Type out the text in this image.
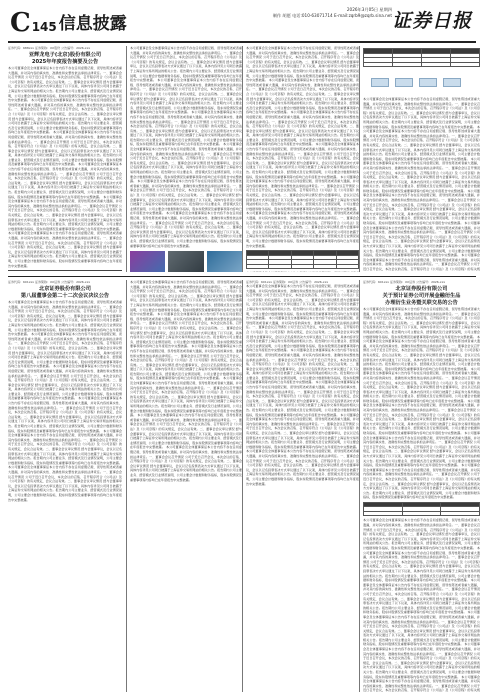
C 145 信息披露
2026年3月05日 星期四
制作 胡愿 电话:010-63071714 E-mail:zqrb9@zqrb.sina.net 证券日报
证券代码：688xxx 证券简称：XX股份 公告编号：2026-xxx
亚辉龙电子(北京)股份有限公司
2025年年度报告摘要及公告
本公司董事会及全体董事保证本公告内容不存在任何虚假记载、误导性陈述或者重大遗漏，并对其内容的真实性、准确性和完整性依法承担法律责任。一、董事会会议召开情况 公司于近日召开会议，本次会议的召集、召开程序符合《公司法》及《公司章程》的有关规定，会议合法有效。二、董事会会议审议情况 经与会董事审议，会议以记名投票表决方式审议通过了以下议案，具体内容详见公司同日披露于上海证券交易所网站的相关公告。报告期内公司主要业务、经营模式及行业情况说明，公司主要会计数据和财务指标，股东持股情况及重要事项等内容均已在年度报告中完整披露。 本公司董事会及全体董事保证本公告内容不存在任何虚假记载、误导性陈述或者重大遗漏，并对其内容的真实性、准确性和完整性依法承担法律责任。一、董事会会议召开情况 公司于近日召开会议，本次会议的召集、召开程序符合《公司法》及《公司章程》的有关规定，会议合法有效。二、董事会会议审议情况 经与会董事审议，会议以记名投票表决方式审议通过了以下议案，具体内容详见公司同日披露于上海证券交易所网站的相关公告。报告期内公司主要业务、经营模式及行业情况说明，公司主要会计数据和财务指标，股东持股情况及重要事项等内容均已在年度报告中完整披露。 本公司董事会及全体董事保证本公告内容不存在任何虚假记载、误导性陈述或者重大遗漏，并对其内容的真实性、准确性和完整性依法承担法律责任。一、董事会会议召开情况 公司于近日召开会议，本次会议的召集、召开程序符合《公司法》及《公司章程》的有关规定，会议合法有效。二、董事会会议审议情况 经与会董事审议，会议以记名投票表决方式审议通过了以下议案，具体内容详见公司同日披露于上海证券交易所网站的相关公告。报告期内公司主要业务、经营模式及行业情况说明，公司主要会计数据和财务指标，股东持股情况及重要事项等内容均已在年度报告中完整披露。 本公司董事会及全体董事保证本公告内容不存在任何虚假记载、误导性陈述或者重大遗漏，并对其内容的真实性、准确性和完整性依法承担法律责任。一、董事会会议召开情况 公司于近日召开会议，本次会议的召集、召开程序符合《公司法》及《公司章程》的有关规定，会议合法有效。二、董事会会议审议情况 经与会董事审议，会议以记名投票表决方式审议通过了以下议案，具体内容详见公司同日披露于上海证券交易所网站的相关公告。报告期内公司主要业务、经营模式及行业情况说明，公司主要会计数据和财务指标，股东持股情况及重要事项等内容均已在年度报告中完整披露。 本公司董事会及全体董事保证本公告内容不存在任何虚假记载、误导性陈述或者重大遗漏，并对其内容的真实性、准确性和完整性依法承担法律责任。一、董事会会议召开情况 公司于近日召开会议，本次会议的召集、召开程序符合《公司法》及《公司章程》的有关规定，会议合法有效。二、董事会会议审议情况 经与会董事审议，会议以记名投票表决方式审议通过了以下议案，具体内容详见公司同日披露于上海证券交易所网站的相关公告。报告期内公司主要业务、经营模式及行业情况说明，公司主要会计数据和财务指标，股东持股情况及重要事项等内容均已在年度报告中完整披露。 本公司董事会及全体董事保证本公告内容不存在任何虚假记载、误导性陈述或者重大遗漏，并对其内容的真实性、准确性和完整性依法承担法律责任。一、董事会会议召开情况 公司于近日召开会议，本次会议的召集、召开程序符合《公司法》及《公司章程》的有关规定，会议合法有效。二、董事会会议审议情况 经与会董事审议，会议以记名投票表决方式审议通过了以下议案，具体内容详见公司同日披露于上海证券交易所网站的相关公告。报告期内公司主要业务、经营模式及行业情况说明，公司主要会计数据和财务指标，股东持股情况及重要事项等内容均已在年度报告中完整披露。

本公司董事会及全体董事保证本公告内容不存在任何虚假记载、误导性陈述或者重大遗漏，并对其内容的真实性、准确性和完整性依法承担法律责任。一、董事会会议召开情况 公司于近日召开会议，本次会议的召集、召开程序符合《公司法》及《公司章程》的有关规定，会议合法有效。二、董事会会议审议情况 经与会董事审议，会议以记名投票表决方式审议通过了以下议案，具体内容详见公司同日披露于上海证券交易所网站的相关公告。报告期内公司主要业务、经营模式及行业情况说明，公司主要会计数据和财务指标，股东持股情况及重要事项等内容均已在年度报告中完整披露。 本公司董事会及全体董事保证本公告内容不存在任何虚假记载、误导性陈述或者重大遗漏，并对其内容的真实性、准确性和完整性依法承担法律责任。一、董事会会议召开情况 公司于近日召开会议，本次会议的召集、召开程序符合《公司法》及《公司章程》的有关规定，会议合法有效。二、董事会会议审议情况 经与会董事审议，会议以记名投票表决方式审议通过了以下议案，具体内容详见公司同日披露于上海证券交易所网站的相关公告。报告期内公司主要业务、经营模式及行业情况说明，公司主要会计数据和财务指标，股东持股情况及重要事项等内容均已在年度报告中完整披露。 本公司董事会及全体董事保证本公告内容不存在任何虚假记载、误导性陈述或者重大遗漏，并对其内容的真实性、准确性和完整性依法承担法律责任。一、董事会会议召开情况 公司于近日召开会议，本次会议的召集、召开程序符合《公司法》及《公司章程》的有关规定，会议合法有效。二、董事会会议审议情况 经与会董事审议，会议以记名投票表决方式审议通过了以下议案，具体内容详见公司同日披露于上海证券交易所网站的相关公告。报告期内公司主要业务、经营模式及行业情况说明，公司主要会计数据和财务指标，股东持股情况及重要事项等内容均已在年度报告中完整披露。 本公司董事会及全体董事保证本公告内容不存在任何虚假记载、误导性陈述或者重大遗漏，并对其内容的真实性、准确性和完整性依法承担法律责任。一、董事会会议召开情况 公司于近日召开会议，本次会议的召集、召开程序符合《公司法》及《公司章程》的有关规定，会议合法有效。二、董事会会议审议情况 经与会董事审议，会议以记名投票表决方式审议通过了以下议案，具体内容详见公司同日披露于上海证券交易所网站的相关公告。报告期内公司主要业务、经营模式及行业情况说明，公司主要会计数据和财务指标，股东持股情况及重要事项等内容均已在年度报告中完整披露。 本公司董事会及全体董事保证本公告内容不存在任何虚假记载、误导性陈述或者重大遗漏，并对其内容的真实性、准确性和完整性依法承担法律责任。一、董事会会议召开情况 公司于近日召开会议，本次会议的召集、召开程序符合《公司法》及《公司章程》的有关规定，会议合法有效。二、董事会会议审议情况 经与会董事审议，会议以记名投票表决方式审议通过了以下议案，具体内容详见公司同日披露于上海证券交易所网站的相关公告。报告期内公司主要业务、经营模式及行业情况说明，公司主要会计数据和财务指标，股东持股情况及重要事项等内容均已在年度报告中完整披露。 本公司董事会及全体董事保证本公告内容不存在任何虚假记载、误导性陈述或者重大遗漏，并对其内容的真实性、准确性和完整性依法承担法律责任。一、董事会会议召开情况 公司于近日召开会议，本次会议的召集、召开程序符合《公司法》及《公司章程》的有关规定，会议合法有效。二、董事会会议审议情况 经与会董事审议，会议以记名投票表决方式审议通过了以下议案，具体内容详见公司同日披露于上海证券交易所网站的相关公告。报告期内公司主要业务、经营模式及行业情况说明，公司主要会计数据和财务指标，股东持股情况及重要事项等内容均已在年度报告中完整披露。
本公司董事会及全体董事保证本公告内容不存在任何虚假记载、误导性陈述或者重大遗漏，并对其内容的真实性、准确性和完整性依法承担法律责任。一、董事会会议召开情况 公司于近日召开会议，本次会议的召集、召开程序符合《公司法》及《公司章程》的有关规定，会议合法有效。二、董事会会议审议情况 经与会董事审议，会议以记名投票表决方式审议通过了以下议案，具体内容详见公司同日披露于上海证券交易所网站的相关公告。报告期内公司主要业务、经营模式及行业情况说明，公司主要会计数据和财务指标，股东持股情况及重要事项等内容均已在年度报告中完整披露。 本公司董事会及全体董事保证本公告内容不存在任何虚假记载、误导性陈述或者重大遗漏，并对其内容的真实性、准确性和完整性依法承担法律责任。一、董事会会议召开情况 公司于近日召开会议，本次会议的召集、召开程序符合《公司法》及《公司章程》的有关规定，会议合法有效。二、董事会会议审议情况 经与会董事审议，会议以记名投票表决方式审议通过了以下议案，具体内容详见公司同日披露于上海证券交易所网站的相关公告。报告期内公司主要业务、经营模式及行业情况说明，公司主要会计数据和财务指标，股东持股情况及重要事项等内容均已在年度报告中完整披露。 本公司董事会及全体董事保证本公告内容不存在任何虚假记载、误导性陈述或者重大遗漏，并对其内容的真实性、准确性和完整性依法承担法律责任。一、董事会会议召开情况 公司于近日召开会议，本次会议的召集、召开程序符合《公司法》及《公司章程》的有关规定，会议合法有效。二、董事会会议审议情况 经与会董事审议，会议以记名投票表决方式审议通过了以下议案，具体内容详见公司同日披露于上海证券交易所网站的相关公告。报告期内公司主要业务、经营模式及行业情况说明，公司主要会计数据和财务指标，股东持股情况及重要事项等内容均已在年度报告中完整披露。 本公司董事会及全体董事保证本公告内容不存在任何虚假记载、误导性陈述或者重大遗漏，并对其内容的真实性、准确性和完整性依法承担法律责任。一、董事会会议召开情况 公司于近日召开会议，本次会议的召集、召开程序符合《公司法》及《公司章程》的有关规定，会议合法有效。二、董事会会议审议情况 经与会董事审议，会议以记名投票表决方式审议通过了以下议案，具体内容详见公司同日披露于上海证券交易所网站的相关公告。报告期内公司主要业务、经营模式及行业情况说明，公司主要会计数据和财务指标，股东持股情况及重要事项等内容均已在年度报告中完整披露。 本公司董事会及全体董事保证本公告内容不存在任何虚假记载、误导性陈述或者重大遗漏，并对其内容的真实性、准确性和完整性依法承担法律责任。一、董事会会议召开情况 公司于近日召开会议，本次会议的召集、召开程序符合《公司法》及《公司章程》的有关规定，会议合法有效。二、董事会会议审议情况 经与会董事审议，会议以记名投票表决方式审议通过了以下议案，具体内容详见公司同日披露于上海证券交易所网站的相关公告。报告期内公司主要业务、经营模式及行业情况说明，公司主要会计数据和财务指标，股东持股情况及重要事项等内容均已在年度报告中完整披露。 本公司董事会及全体董事保证本公告内容不存在任何虚假记载、误导性陈述或者重大遗漏，并对其内容的真实性、准确性和完整性依法承担法律责任。一、董事会会议召开情况 公司于近日召开会议，本次会议的召集、召开程序符合《公司法》及《公司章程》的有关规定，会议合法有效。二、董事会会议审议情况 经与会董事审议，会议以记名投票表决方式审议通过了以下议案，具体内容详见公司同日披露于上海证券交易所网站的相关公告。报告期内公司主要业务、经营模式及行业情况说明，公司主要会计数据和财务指标，股东持股情况及重要事项等内容均已在年度报告中完整披露。

本公司董事会及全体董事保证本公告内容不存在任何虚假记载、误导性陈述或者重大遗漏，并对其内容的真实性、准确性和完整性依法承担法律责任。一、董事会会议召开情况 公司于近日召开会议，本次会议的召集、召开程序符合《公司法》及《公司章程》的有关规定，会议合法有效。二、董事会会议审议情况 经与会董事审议，会议以记名投票表决方式审议通过了以下议案，具体内容详见公司同日披露于上海证券交易所网站的相关公告。报告期内公司主要业务、经营模式及行业情况说明，公司主要会计数据和财务指标，股东持股情况及重要事项等内容均已在年度报告中完整披露。 本公司董事会及全体董事保证本公告内容不存在任何虚假记载、误导性陈述或者重大遗漏，并对其内容的真实性、准确性和完整性依法承担法律责任。一、董事会会议召开情况 公司于近日召开会议，本次会议的召集、召开程序符合《公司法》及《公司章程》的有关规定，会议合法有效。二、董事会会议审议情况 经与会董事审议，会议以记名投票表决方式审议通过了以下议案，具体内容详见公司同日披露于上海证券交易所网站的相关公告。报告期内公司主要业务、经营模式及行业情况说明，公司主要会计数据和财务指标，股东持股情况及重要事项等内容均已在年度报告中完整披露。 本公司董事会及全体董事保证本公告内容不存在任何虚假记载、误导性陈述或者重大遗漏，并对其内容的真实性、准确性和完整性依法承担法律责任。一、董事会会议召开情况 公司于近日召开会议，本次会议的召集、召开程序符合《公司法》及《公司章程》的有关规定，会议合法有效。二、董事会会议审议情况 经与会董事审议，会议以记名投票表决方式审议通过了以下议案，具体内容详见公司同日披露于上海证券交易所网站的相关公告。报告期内公司主要业务、经营模式及行业情况说明，公司主要会计数据和财务指标，股东持股情况及重要事项等内容均已在年度报告中完整披露。 本公司董事会及全体董事保证本公告内容不存在任何虚假记载、误导性陈述或者重大遗漏，并对其内容的真实性、准确性和完整性依法承担法律责任。一、董事会会议召开情况 公司于近日召开会议，本次会议的召集、召开程序符合《公司法》及《公司章程》的有关规定，会议合法有效。二、董事会会议审议情况 经与会董事审议，会议以记名投票表决方式审议通过了以下议案，具体内容详见公司同日披露于上海证券交易所网站的相关公告。报告期内公司主要业务、经营模式及行业情况说明，公司主要会计数据和财务指标，股东持股情况及重要事项等内容均已在年度报告中完整披露。 本公司董事会及全体董事保证本公告内容不存在任何虚假记载、误导性陈述或者重大遗漏，并对其内容的真实性、准确性和完整性依法承担法律责任。一、董事会会议召开情况 公司于近日召开会议，本次会议的召集、召开程序符合《公司法》及《公司章程》的有关规定，会议合法有效。二、董事会会议审议情况 经与会董事审议，会议以记名投票表决方式审议通过了以下议案，具体内容详见公司同日披露于上海证券交易所网站的相关公告。报告期内公司主要业务、经营模式及行业情况说明，公司主要会计数据和财务指标，股东持股情况及重要事项等内容均已在年度报告中完整披露。 本公司董事会及全体董事保证本公告内容不存在任何虚假记载、误导性陈述或者重大遗漏，并对其内容的真实性、准确性和完整性依法承担法律责任。一、董事会会议召开情况 公司于近日召开会议，本次会议的召集、召开程序符合《公司法》及《公司章程》的有关规
证券代码：601xxx 证券简称：XX证券 公告编号：2026-xxx
北京证券股份有限公司
第八届董事会第二十二次会议决议公告
本公司董事会及全体董事保证本公告内容不存在任何虚假记载、误导性陈述或者重大遗漏，并对其内容的真实性、准确性和完整性依法承担法律责任。一、董事会会议召开情况 公司于近日召开会议，本次会议的召集、召开程序符合《公司法》及《公司章程》的有关规定，会议合法有效。二、董事会会议审议情况 经与会董事审议，会议以记名投票表决方式审议通过了以下议案，具体内容详见公司同日披露于上海证券交易所网站的相关公告。报告期内公司主要业务、经营模式及行业情况说明，公司主要会计数据和财务指标，股东持股情况及重要事项等内容均已在年度报告中完整披露。 本公司董事会及全体董事保证本公告内容不存在任何虚假记载、误导性陈述或者重大遗漏，并对其内容的真实性、准确性和完整性依法承担法律责任。一、董事会会议召开情况 公司于近日召开会议，本次会议的召集、召开程序符合《公司法》及《公司章程》的有关规定，会议合法有效。二、董事会会议审议情况 经与会董事审议，会议以记名投票表决方式审议通过了以下议案，具体内容详见公司同日披露于上海证券交易所网站的相关公告。报告期内公司主要业务、经营模式及行业情况说明，公司主要会计数据和财务指标，股东持股情况及重要事项等内容均已在年度报告中完整披露。 本公司董事会及全体董事保证本公告内容不存在任何虚假记载、误导性陈述或者重大遗漏，并对其内容的真实性、准确性和完整性依法承担法律责任。一、董事会会议召开情况 公司于近日召开会议，本次会议的召集、召开程序符合《公司法》及《公司章程》的有关规定，会议合法有效。二、董事会会议审议情况 经与会董事审议，会议以记名投票表决方式审议通过了以下议案，具体内容详见公司同日披露于上海证券交易所网站的相关公告。报告期内公司主要业务、经营模式及行业情况说明，公司主要会计数据和财务指标，股东持股情况及重要事项等内容均已在年度报告中完整披露。 本公司董事会及全体董事保证本公告内容不存在任何虚假记载、误导性陈述或者重大遗漏，并对其内容的真实性、准确性和完整性依法承担法律责任。一、董事会会议召开情况 公司于近日召开会议，本次会议的召集、召开程序符合《公司法》及《公司章程》的有关规定，会议合法有效。二、董事会会议审议情况 经与会董事审议，会议以记名投票表决方式审议通过了以下议案，具体内容详见公司同日披露于上海证券交易所网站的相关公告。报告期内公司主要业务、经营模式及行业情况说明，公司主要会计数据和财务指标，股东持股情况及重要事项等内容均已在年度报告中完整披露。 本公司董事会及全体董事保证本公告内容不存在任何虚假记载、误导性陈述或者重大遗漏，并对其内容的真实性、准确性和完整性依法承担法律责任。一、董事会会议召开情况 公司于近日召开会议，本次会议的召集、召开程序符合《公司法》及《公司章程》的有关规定，会议合法有效。二、董事会会议审议情况 经与会董事审议，会议以记名投票表决方式审议通过了以下议案，具体内容详见公司同日披露于上海证券交易所网站的相关公告。报告期内公司主要业务、经营模式及行业情况说明，公司主要会计数据和财务指标，股东持股情况及重要事项等内容均已在年度报告中完整披露。 本公司董事会及全体董事保证本公告内容不存在任何虚假记载、误导性陈述或者重大遗漏，并对其内容的真实性、准确性和完整性依法承担法律责任。一、董事会会议召开情况 公司于近日召开会议，本次会议的召集、召开程序符合《公司法》及《公司章程》的有关规定，会议合法有效。二、董事会会议审议情况 经与会董事审议，会议以记名投票表决方式审议通过了以下议案，具体内容详见公司同日披露于上海证券交易所网站的相关公告。报告期内公司主要业务、经营模式及行业情况说明，公司主要会计数据和财务指标，股东持股情况及重要事项等内容均已在年度报告中完整披露。
本公司董事会及全体董事保证本公告内容不存在任何虚假记载、误导性陈述或者重大遗漏，并对其内容的真实性、准确性和完整性依法承担法律责任。一、董事会会议召开情况 公司于近日召开会议，本次会议的召集、召开程序符合《公司法》及《公司章程》的有关规定，会议合法有效。二、董事会会议审议情况 经与会董事审议，会议以记名投票表决方式审议通过了以下议案，具体内容详见公司同日披露于上海证券交易所网站的相关公告。报告期内公司主要业务、经营模式及行业情况说明，公司主要会计数据和财务指标，股东持股情况及重要事项等内容均已在年度报告中完整披露。 本公司董事会及全体董事保证本公告内容不存在任何虚假记载、误导性陈述或者重大遗漏，并对其内容的真实性、准确性和完整性依法承担法律责任。一、董事会会议召开情况 公司于近日召开会议，本次会议的召集、召开程序符合《公司法》及《公司章程》的有关规定，会议合法有效。二、董事会会议审议情况 经与会董事审议，会议以记名投票表决方式审议通过了以下议案，具体内容详见公司同日披露于上海证券交易所网站的相关公告。报告期内公司主要业务、经营模式及行业情况说明，公司主要会计数据和财务指标，股东持股情况及重要事项等内容均已在年度报告中完整披露。 本公司董事会及全体董事保证本公告内容不存在任何虚假记载、误导性陈述或者重大遗漏，并对其内容的真实性、准确性和完整性依法承担法律责任。一、董事会会议召开情况 公司于近日召开会议，本次会议的召集、召开程序符合《公司法》及《公司章程》的有关规定，会议合法有效。二、董事会会议审议情况 经与会董事审议，会议以记名投票表决方式审议通过了以下议案，具体内容详见公司同日披露于上海证券交易所网站的相关公告。报告期内公司主要业务、经营模式及行业情况说明，公司主要会计数据和财务指标，股东持股情况及重要事项等内容均已在年度报告中完整披露。 本公司董事会及全体董事保证本公告内容不存在任何虚假记载、误导性陈述或者重大遗漏，并对其内容的真实性、准确性和完整性依法承担法律责任。一、董事会会议召开情况 公司于近日召开会议，本次会议的召集、召开程序符合《公司法》及《公司章程》的有关规定，会议合法有效。二、董事会会议审议情况 经与会董事审议，会议以记名投票表决方式审议通过了以下议案，具体内容详见公司同日披露于上海证券交易所网站的相关公告。报告期内公司主要业务、经营模式及行业情况说明，公司主要会计数据和财务指标，股东持股情况及重要事项等内容均已在年度报告中完整披露。 本公司董事会及全体董事保证本公告内容不存在任何虚假记载、误导性陈述或者重大遗漏，并对其内容的真实性、准确性和完整性依法承担法律责任。一、董事会会议召开情况 公司于近日召开会议，本次会议的召集、召开程序符合《公司法》及《公司章程》的有关规定，会议合法有效。二、董事会会议审议情况 经与会董事审议，会议以记名投票表决方式审议通过了以下议案，具体内容详见公司同日披露于上海证券交易所网站的相关公告。报告期内公司主要业务、经营模式及行业情况说明，公司主要会计数据和财务指标，股东持股情况及重要事项等内容均已在年度报告中完整披露。 本公司董事会及全体董事保证本公告内容不存在任何虚假记载、误导性陈述或者重大遗漏，并对其内容的真实性、准确性和完整性依法承担法律责任。一、董事会会议召开情况 公司于近日召开会议，本次会议的召集、召开程序符合《公司法》及《公司章程》的有关规定，会议合法有效。二、董事会会议审议情况 经与会董事审议，会议以记名投票表决方式审议通过了以下议案，具体内容详见公司同日披露于上海证券交易所网站的相关公告。报告期内公司主要业务、经营模式及行业情况说明，公司主要会计数据和财务指标，股东持股情况及重要事项等内容均已在年度报告中完整披露。
证券代码：601xxx 证券简称：XX证券 公告编号：2026-xxx
本公司董事会及全体董事保证本公告内容不存在任何虚假记载、误导性陈述或者重大遗漏，并对其内容的真实性、准确性和完整性依法承担法律责任。一、董事会会议召开情况 公司于近日召开会议，本次会议的召集、召开程序符合《公司法》及《公司章程》的有关规定，会议合法有效。二、董事会会议审议情况 经与会董事审议，会议以记名投票表决方式审议通过了以下议案，具体内容详见公司同日披露于上海证券交易所网站的相关公告。报告期内公司主要业务、经营模式及行业情况说明，公司主要会计数据和财务指标，股东持股情况及重要事项等内容均已在年度报告中完整披露。 本公司董事会及全体董事保证本公告内容不存在任何虚假记载、误导性陈述或者重大遗漏，并对其内容的真实性、准确性和完整性依法承担法律责任。一、董事会会议召开情况 公司于近日召开会议，本次会议的召集、召开程序符合《公司法》及《公司章程》的有关规定，会议合法有效。二、董事会会议审议情况 经与会董事审议，会议以记名投票表决方式审议通过了以下议案，具体内容详见公司同日披露于上海证券交易所网站的相关公告。报告期内公司主要业务、经营模式及行业情况说明，公司主要会计数据和财务指标，股东持股情况及重要事项等内容均已在年度报告中完整披露。 本公司董事会及全体董事保证本公告内容不存在任何虚假记载、误导性陈述或者重大遗漏，并对其内容的真实性、准确性和完整性依法承担法律责任。一、董事会会议召开情况 公司于近日召开会议，本次会议的召集、召开程序符合《公司法》及《公司章程》的有关规定，会议合法有效。二、董事会会议审议情况 经与会董事审议，会议以记名投票表决方式审议通过了以下议案，具体内容详见公司同日披露于上海证券交易所网站的相关公告。报告期内公司主要业务、经营模式及行业情况说明，公司主要会计数据和财务指标，股东持股情况及重要事项等内容均已在年度报告中完整披露。 本公司董事会及全体董事保证本公告内容不存在任何虚假记载、误导性陈述或者重大遗漏，并对其内容的真实性、准确性和完整性依法承担法律责任。一、董事会会议召开情况 公司于近日召开会议，本次会议的召集、召开程序符合《公司法》及《公司章程》的有关规定，会议合法有效。二、董事会会议审议情况 经与会董事审议，会议以记名投票表决方式审议通过了以下议案，具体内容详见公司同日披露于上海证券交易所网站的相关公告。报告期内公司主要业务、经营模式及行业情况说明，公司主要会计数据和财务指标，股东持股情况及重要事项等内容均已在年度报告中完整披露。 本公司董事会及全体董事保证本公告内容不存在任何虚假记载、误导性陈述或者重大遗漏，并对其内容的真实性、准确性和完整性依法承担法律责任。一、董事会会议召开情况 公司于近日召开会议，本次会议的召集、召开程序符合《公司法》及《公司章程》的有关规定，会议合法有效。二、董事会会议审议情况 经与会董事审议，会议以记名投票表决方式审议通过了以下议案，具体内容详见公司同日披露于上海证券交易所网站的相关公告。报告期内公司主要业务、经营模式及行业情况说明，公司主要会计数据和财务指标，股东持股情况及重要事项等内容均已在年度报告中完整披露。 本公司董事会及全体董事保证本公告内容不存在任何虚假记载、误导性陈述或者重大遗漏，并对其内容的真实性、准确性和完整性依法承担法律责任。一、董事会会议召开情况 公司于近日召开会议，本次会议的召集、召开程序符合《公司法》及《公司章程》的有关规定，会议合法有效。二、董事会会议审议情况 经与会董事审议，会议以记名投票表决方式审议通过了以下议案，具体内容详见公司同日披露于上海证券交易所网站的相关公告。报告期内公司主要业务、经营模式及行业情况说明，公司主要会计数据和财务指标，股东持股情况及重要事项等内容均已在年度报告中完整披露。
证券代码：601xxx 证券简称：XX证券 公告编号：2026-xxx
北京证券股份有限公司
关于预计证券公司开展金融衍生品
办理衍生业务暨关联交易的公告
本公司董事会及全体董事保证本公告内容不存在任何虚假记载、误导性陈述或者重大遗漏，并对其内容的真实性、准确性和完整性依法承担法律责任。一、董事会会议召开情况 公司于近日召开会议，本次会议的召集、召开程序符合《公司法》及《公司章程》的有关规定，会议合法有效。二、董事会会议审议情况 经与会董事审议，会议以记名投票表决方式审议通过了以下议案，具体内容详见公司同日披露于上海证券交易所网站的相关公告。报告期内公司主要业务、经营模式及行业情况说明，公司主要会计数据和财务指标，股东持股情况及重要事项等内容均已在年度报告中完整披露。 本公司董事会及全体董事保证本公告内容不存在任何虚假记载、误导性陈述或者重大遗漏，并对其内容的真实性、准确性和完整性依法承担法律责任。一、董事会会议召开情况 公司于近日召开会议，本次会议的召集、召开程序符合《公司法》及《公司章程》的有关规定，会议合法有效。二、董事会会议审议情况 经与会董事审议，会议以记名投票表决方式审议通过了以下议案，具体内容详见公司同日披露于上海证券交易所网站的相关公告。报告期内公司主要业务、经营模式及行业情况说明，公司主要会计数据和财务指标，股东持股情况及重要事项等内容均已在年度报告中完整披露。 本公司董事会及全体董事保证本公告内容不存在任何虚假记载、误导性陈述或者重大遗漏，并对其内容的真实性、准确性和完整性依法承担法律责任。一、董事会会议召开情况 公司于近日召开会议，本次会议的召集、召开程序符合《公司法》及《公司章程》的有关规定，会议合法有效。二、董事会会议审议情况 经与会董事审议，会议以记名投票表决方式审议通过了以下议案，具体内容详见公司同日披露于上海证券交易所网站的相关公告。报告期内公司主要业务、经营模式及行业情况说明，公司主要会计数据和财务指标，股东持股情况及重要事项等内容均已在年度报告中完整披露。 本公司董事会及全体董事保证本公告内容不存在任何虚假记载、误导性陈述或者重大遗漏，并对其内容的真实性、准确性和完整性依法承担法律责任。一、董事会会议召开情况 公司于近日召开会议，本次会议的召集、召开程序符合《公司法》及《公司章程》的有关规定，会议合法有效。二、董事会会议审议情况 经与会董事审议，会议以记名投票表决方式审议通过了以下议案，具体内容详见公司同日披露于上海证券交易所网站的相关公告。报告期内公司主要业务、经营模式及行业情况说明，公司主要会计数据和财务指标，股东持股情况及重要事项等内容均已在年度报告中完整披露。 本公司董事会及全体董事保证本公告内容不存在任何虚假记载、误导性陈述或者重大遗漏，并对其内容的真实性、准确性和完整性依法承担法律责任。一、董事会会议召开情况 公司于近日召开会议，本次会议的召集、召开程序符合《公司法》及《公司章程》的有关规定，会议合法有效。二、董事会会议审议情况 经与会董事审议，会议以记名投票表决方式审议通过了以下议案，具体内容详见公司同日披露于上海证券交易所网站的相关公告。报告期内公司主要业务、经营模式及行业情况说明，公司主要会计数据和财务指标，股东持股情况及重要事项等内容均已在年度报告中完整披露。 本公司董事会及全体董事保证本公告内容不存在任何虚假记载、误导性陈述或者重大遗漏，并对其内容的真实性、准确性和完整性依法承担法律责任。一、董事会会议召开情况 公司于近日召开会议，本次会议的召集、召开程序符合《公司法》及《公司章程》的有关规定，会议合法有效。二、董事会会议审议情况 经与会董事审议，会议以记名投票表决方式审议通过了以下议案，具体内容详见公司同日披露于上海证券交易所网站的相关公告。报告期内公司主要业务、经营模式及行业情况说明，公司主要会计数据和财务指标，股东持股情况及重要事项等内容均已在年度报告中完整披露。

本公司董事会及全体董事保证本公告内容不存在任何虚假记载、误导性陈述或者重大遗漏，并对其内容的真实性、准确性和完整性依法承担法律责任。一、董事会会议召开情况 公司于近日召开会议，本次会议的召集、召开程序符合《公司法》及《公司章程》的有关规定，会议合法有效。二、董事会会议审议情况 经与会董事审议，会议以记名投票表决方式审议通过了以下议案，具体内容详见公司同日披露于上海证券交易所网站的相关公告。报告期内公司主要业务、经营模式及行业情况说明，公司主要会计数据和财务指标，股东持股情况及重要事项等内容均已在年度报告中完整披露。 本公司董事会及全体董事保证本公告内容不存在任何虚假记载、误导性陈述或者重大遗漏，并对其内容的真实性、准确性和完整性依法承担法律责任。一、董事会会议召开情况 公司于近日召开会议，本次会议的召集、召开程序符合《公司法》及《公司章程》的有关规定，会议合法有效。二、董事会会议审议情况 经与会董事审议，会议以记名投票表决方式审议通过了以下议案，具体内容详见公司同日披露于上海证券交易所网站的相关公告。报告期内公司主要业务、经营模式及行业情况说明，公司主要会计数据和财务指标，股东持股情况及重要事项等内容均已在年度报告中完整披露。 本公司董事会及全体董事保证本公告内容不存在任何虚假记载、误导性陈述或者重大遗漏，并对其内容的真实性、准确性和完整性依法承担法律责任。一、董事会会议召开情况 公司于近日召开会议，本次会议的召集、召开程序符合《公司法》及《公司章程》的有关规定，会议合法有效。二、董事会会议审议情况 经与会董事审议，会议以记名投票表决方式审议通过了以下议案，具体内容详见公司同日披露于上海证券交易所网站的相关公告。报告期内公司主要业务、经营模式及行业情况说明，公司主要会计数据和财务指标，股东持股情况及重要事项等内容均已在年度报告中完整披露。 本公司董事会及全体董事保证本公告内容不存在任何虚假记载、误导性陈述或者重大遗漏，并对其内容的真实性、准确性和完整性依法承担法律责任。一、董事会会议召开情况 公司于近日召开会议，本次会议的召集、召开程序符合《公司法》及《公司章程》的有关规定，会议合法有效。二、董事会会议审议情况 经与会董事审议，会议以记名投票表决方式审议通过了以下议案，具体内容详见公司同日披露于上海证券交易所网站的相关公告。报告期内公司主要业务、经营模式及行业情况说明，公司主要会计数据和财务指标，股东持股情况及重要事项等内容均已在年度报告中完整披露。 本公司董事会及全体董事保证本公告内容不存在任何虚假记载、误导性陈述或者重大遗漏，并对其内容的真实性、准确性和完整性依法承担法律责任。一、董事会会议召开情况 公司于近日召开会议，本次会议的召集、召开程序符合《公司法》及《公司章程》的有关规定，会议合法有效。二、董事会会议审议情况 经与会董事审议，会议以记名投票表决方式审议通过了以下议案，具体内容详见公司同日披露于上海证券交易所网站的相关公告。报告期内公司主要业务、经营模式及行业情况说明，公司主要会计数据和财务指标，股东持股情况及重要事项等内容均已在年度报告中完整披露。 本公司董事会及全体董事保证本公告内容不存在任何虚假记载、误导性陈述或者重大遗漏，并对其内容的真实性、准确性和完整性依法承担法律责任。一、董事会会议召开情况 公司于近日召开会议，本次会议的召集、召开程序符合《公司法》及《公司章程》的有关规
